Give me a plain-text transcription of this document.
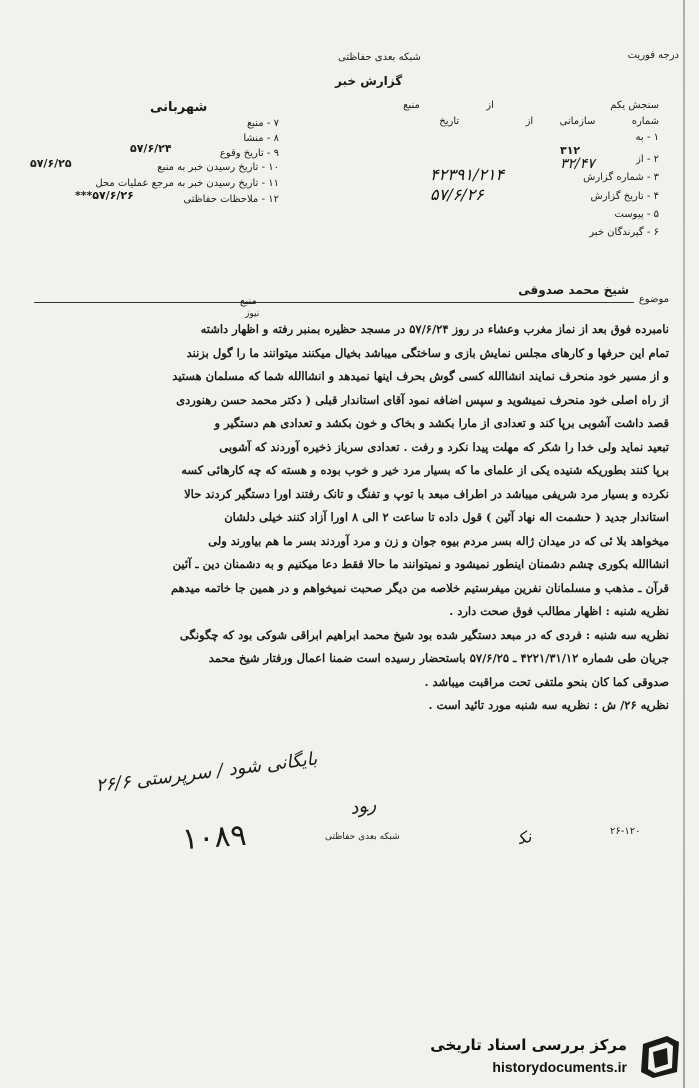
درجه فوریت
شبکه بعدی حفاظتی
گزارش خبر
سنجش یکم  از  منبع
شماره  سازمانی  از  تاریخ
۱ - به
۳۱۲
۲ - از
۳۲/۴۷
۳ - شماره گزارش
۴۲۳۹۱/۲۱۴
۴ - تاریخ گزارش
۵۷/۶/۲۶
۵ - پیوست
۶ - گیرندگان خبر
۷ - منبع
شهربانی
۸ - منشا
۹ - تاریخ وقوع
۵۷/۶/۲۴
۱۰ - تاریخ رسیدن خبر به منبع
۵۷/۶/۲۵
۱۱ - تاریخ رسیدن خبر به مرجع عملیات محل
۱۲ - ملاحظات حفاظتی
***۵۷/۶/۲۶
موضوع
شیخ محمد صدوقی
منبع
نیوز
نامبرده فوق بعد از نماز مغرب وعشاء در روز ۵۷/۶/۲۴ در مسجد حظیره بمنبر رفته و اظهار داشته
تمام این حرفها و کارهای مجلس نمایش بازی و ساختگی میباشد بخیال میکنند میتوانند ما را گول بزنند
و از مسیر خود منحرف نمایند انشاالله کسی گوش بحرف اینها نمیدهد و انشاالله شما که مسلمان هستید
از راه اصلی خود منحرف نمیشوید و سپس اضافه نمود آقای استاندار قبلی ( دکتر محمد حسن رهنوردی
قصد داشت آشوبی برپا کند و تعدادی از مارا بکشد و بخاک و خون بکشد و تعدادی هم دستگیر و
تبعید نماید ولی خدا را شکر که مهلت پیدا نکرد و رفت . تعدادی سرباز ذخیره آوردند که آشوبی
برپا کنند بطوریکه شنیده یکی از علمای ما که بسیار مرد خیر و خوب بوده و هسته که چه کارهائی کسه
نکرده و بسیار مرد شریفی میباشد در اطراف مبعد با توپ و تفنگ و تانک رفتند اورا دستگیر کردند حالا
استاندار جدید ( حشمت اله نهاد آئین ) قول داده تا ساعت ۲ الی ۸ اورا آزاد کنند خیلی دلشان
میخواهد بلا ئی که در میدان ژاله بسر مردم بیوه جوان و زن و مرد آوردند بسر ما هم بیاورند ولی
انشاالله بکوری چشم دشمنان اینطور نمیشود و نمیتوانند ما حالا فقط دعا میکنیم و به دشمنان دین ـ آئین
قرآن ـ مذهب و مسلمانان نفرین میفرستیم خلاصه من دیگر صحبت نمیخواهم و در همین جا خاتمه میدهم
نظریه شنبه : اظهار مطالب فوق صحت دارد .
نظریه سه شنبه : فردی که در مبعد دستگیر شده بود شیخ محمد ابراهیم ابراقی شوکی بود که چگونگی
جریان طی شماره ۴۲۲۱/۳۱/۱۲ ـ ۵۷/۶/۲۵ باستحضار رسیده است ضمنا اعمال ورفتار شیخ محمد
صدوقی کما کان بنحو ملتفی تحت مراقبت میباشد .
نظریه ۲۶/ ش : نظریه سه شنبه مورد تائید است .
بایگانی شود / سرپرستی ۲۶/۶
۱۰۸۹
ﺭﻮﺩ
شبکه بعدی حفاظتی	ﻧﮑ	۲۶-۱۲۰
مرکز بررسی اسناد تاریخی
historydocuments.ir
